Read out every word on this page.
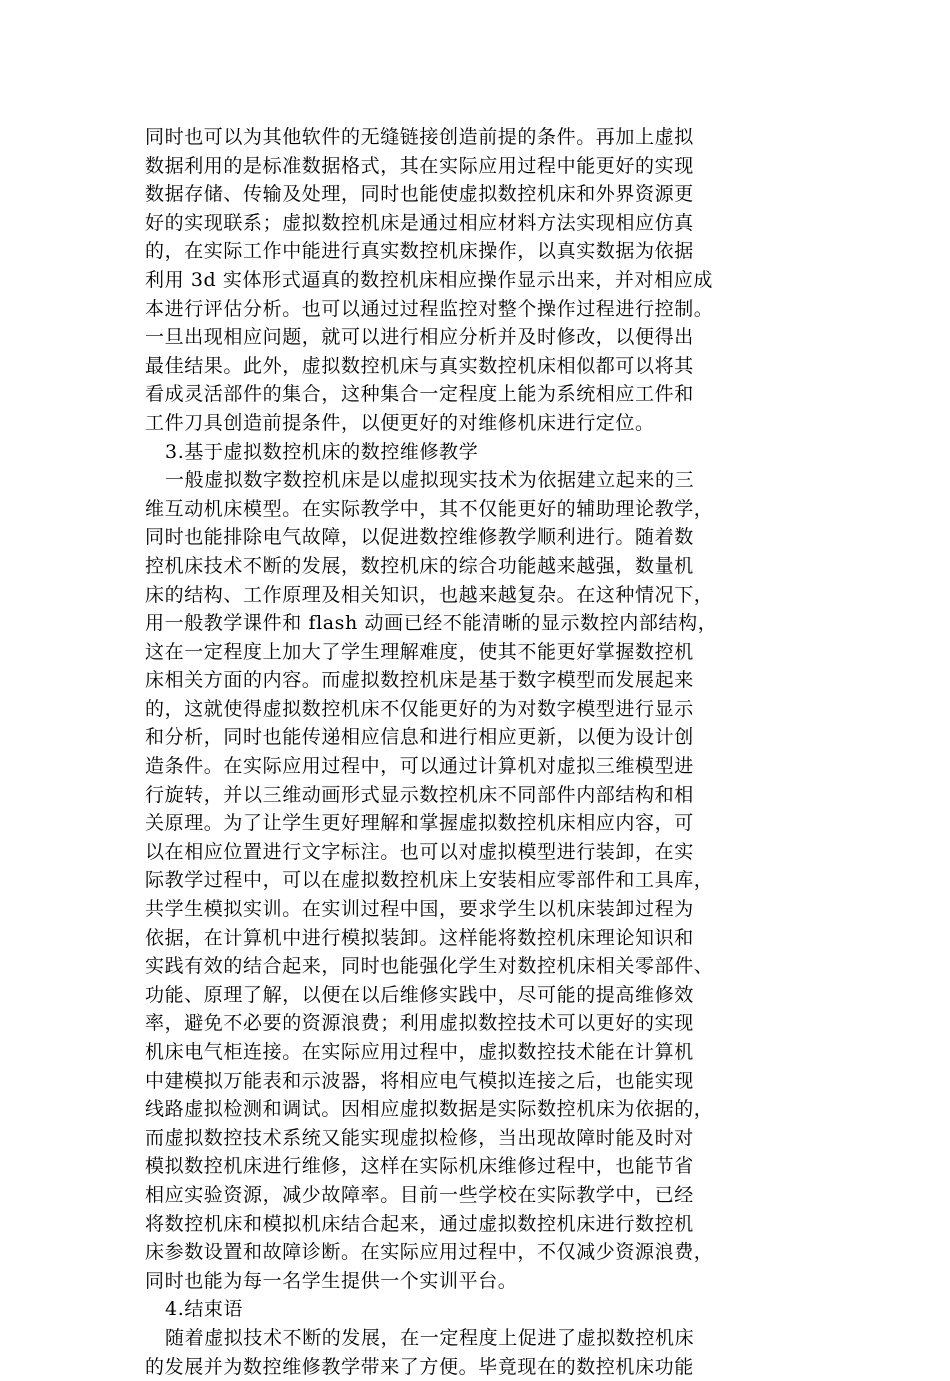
同时也可以为其他软件的无缝链接创造前提的条件。再加上虚拟
数据利用的是标准数据格式，其在实际应用过程中能更好的实现
数据存储、传输及处理，同时也能使虚拟数控机床和外界资源更
好的实现联系；虚拟数控机床是通过相应材料方法实现相应仿真
的，在实际工作中能进行真实数控机床操作，以真实数据为依据
利用 3d 实体形式逼真的数控机床相应操作显示出来，并对相应成
本进行评估分析。也可以通过过程监控对整个操作过程进行控制。
一旦出现相应问题，就可以进行相应分析并及时修改，以便得出
最佳结果。此外，虚拟数控机床与真实数控机床相似都可以将其
看成灵活部件的集合，这种集合一定程度上能为系统相应工件和
工件刀具创造前提条件，以便更好的对维修机床进行定位。
3.基于虚拟数控机床的数控维修教学
一般虚拟数字数控机床是以虚拟现实技术为依据建立起来的三
维互动机床模型。在实际教学中，其不仅能更好的辅助理论教学，
同时也能排除电气故障，以促进数控维修教学顺利进行。随着数
控机床技术不断的发展，数控机床的综合功能越来越强，数量机
床的结构、工作原理及相关知识，也越来越复杂。在这种情况下，
用一般教学课件和 flash 动画已经不能清晰的显示数控内部结构，
这在一定程度上加大了学生理解难度，使其不能更好掌握数控机
床相关方面的内容。而虚拟数控机床是基于数字模型而发展起来
的，这就使得虚拟数控机床不仅能更好的为对数字模型进行显示
和分析，同时也能传递相应信息和进行相应更新，以便为设计创
造条件。在实际应用过程中，可以通过计算机对虚拟三维模型进
行旋转，并以三维动画形式显示数控机床不同部件内部结构和相
关原理。为了让学生更好理解和掌握虚拟数控机床相应内容，可
以在相应位置进行文字标注。也可以对虚拟模型进行装卸，在实
际教学过程中，可以在虚拟数控机床上安装相应零部件和工具库，
共学生模拟实训。在实训过程中国，要求学生以机床装卸过程为
依据，在计算机中进行模拟装卸。这样能将数控机床理论知识和
实践有效的结合起来，同时也能强化学生对数控机床相关零部件、
功能、原理了解，以便在以后维修实践中，尽可能的提高维修效
率，避免不必要的资源浪费；利用虚拟数控技术可以更好的实现
机床电气柜连接。在实际应用过程中，虚拟数控技术能在计算机
中建模拟万能表和示波器，将相应电气模拟连接之后，也能实现
线路虚拟检测和调试。因相应虚拟数据是实际数控机床为依据的，
而虚拟数控技术系统又能实现虚拟检修，当出现故障时能及时对
模拟数控机床进行维修，这样在实际机床维修过程中，也能节省
相应实验资源，减少故障率。目前一些学校在实际教学中，已经
将数控机床和模拟机床结合起来，通过虚拟数控机床进行数控机
床参数设置和故障诊断。在实际应用过程中，不仅减少资源浪费，
同时也能为每一名学生提供一个实训平台。
4.结束语
随着虚拟技术不断的发展，在一定程度上促进了虚拟数控机床
的发展并为数控维修教学带来了方便。毕竟现在的数控机床功能
